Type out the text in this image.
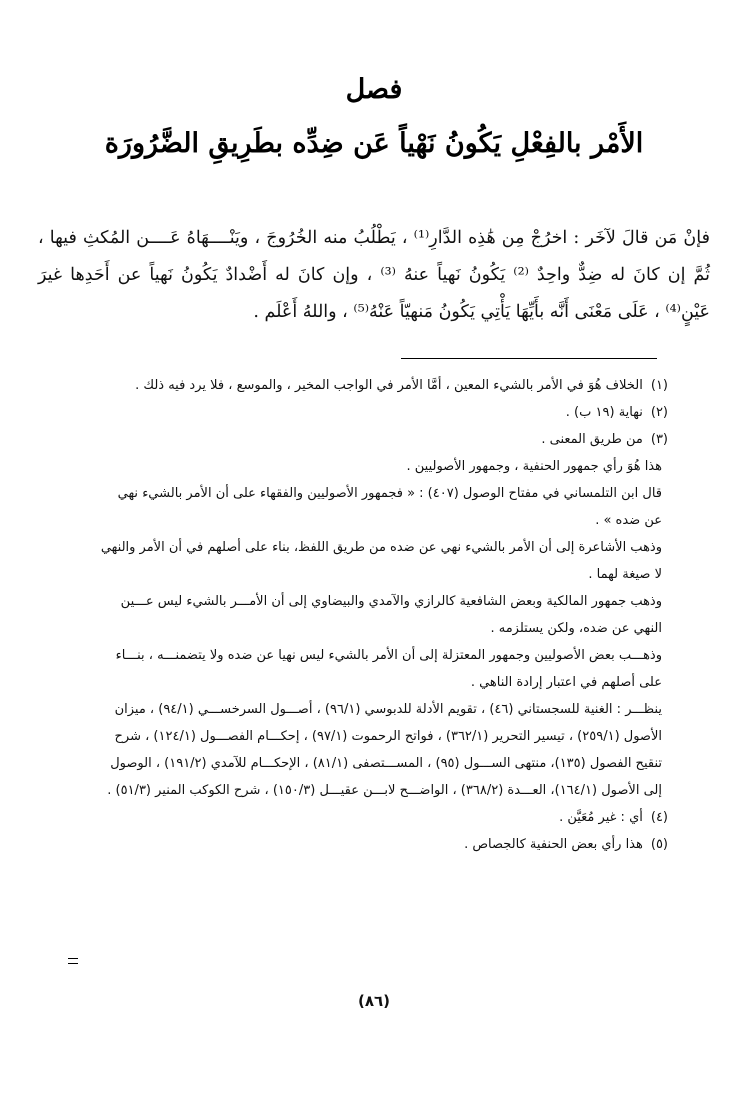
فصل
الأَمْر بالفِعْلِ يَكُونُ نَهْياً عَن ضِدِّه بطَرِيقِ الضَّرُورَة

فإنْ مَن قالَ لآخَر : اخرُجْ مِن هَٰذِه الدَّارِ⁽¹⁾ ، يَطْلُبُ منه الخُرُوجَ ، ويَنْــــهَاهُ عَــــن المُكثِ فيها ، ثُمَّ إن كانَ له ضِدٌّ واحِدٌ ⁽²⁾ يَكُونُ نَهياً عنهُ ⁽³⁾ ، وإن كانَ له أَضْدادٌ يَكُونُ نَهياً عن أَحَدِها غيرَ عَيْنٍ⁽⁴⁾ ، عَلَى مَعْنَى أَنَّه بأَيِّهَا يَأْتِي يَكُونُ مَنهيّاً عَنْهُ⁽⁵⁾ ، واللهُ أَعْلَم .

(١)
الخلاف هُوَ في الأمر بالشيء المعين ، أمَّا الأمر في الواجب المخير ، والموسع ، فلا يرد فيه ذلك .
(٢)
نهاية (١٩ ب) .
(٣)
من طريق المعنى .

هذا هُوَ رأي جمهور الحنفية ، وجمهور الأصوليين .

قال ابن التلمساني في مفتاح الوصول (٤٠٧) : « فجمهور الأصوليين والفقهاء على أن الأمر بالشيء نهي عن ضده » .

وذهب الأشاعرة إلى أن الأمر بالشيء نهي عن ضده من طريق اللفظ، بناء على أصلهم في أن الأمر والنهي لا صيغة لهما .

وذهب جمهور المالكية وبعض الشافعية كالرازي والآمدي والبيضاوي إلى أن الأمـــر بالشيء ليس عـــين النهي عن ضده، ولكن يستلزمه .

وذهـــب بعض الأصوليين وجمهور المعتزلة إلى أن الأمر بالشيء ليس نهيا عن ضده ولا يتضمنـــه ، بنـــاء على أصلهم في اعتبار إرادة الناهي .

ينظـــر : الغنية للسجستاني (٤٦) ، تقويم الأدلة للدبوسي (٩٦/١) ، أصـــول السرخســـي (٩٤/١) ، ميزان الأصول (٢٥٩/١) ، تيسير التحرير (٣٦٢/١) ، فواتح الرحموت (٩٧/١) ، إحكـــام الفصـــول (١٢٤/١) ، شرح تنقيح الفصول (١٣٥)، منتهى الســـول (٩٥) ، المســـتصفى (٨١/١) ، الإحكـــام للآمدي (١٩١/٢) ، الوصول إلى الأصول (١٦٤/١)، العـــدة (٣٦٨/٢) ، الواضـــح لابـــن عقيـــل (١٥٠/٣) ، شرح الكوكب المنير (٥١/٣) .

(٤)
أي : غير مُعَيَّن .
(٥)
هذا رأي بعض الحنفية كالجصاص .
(٨٦)
